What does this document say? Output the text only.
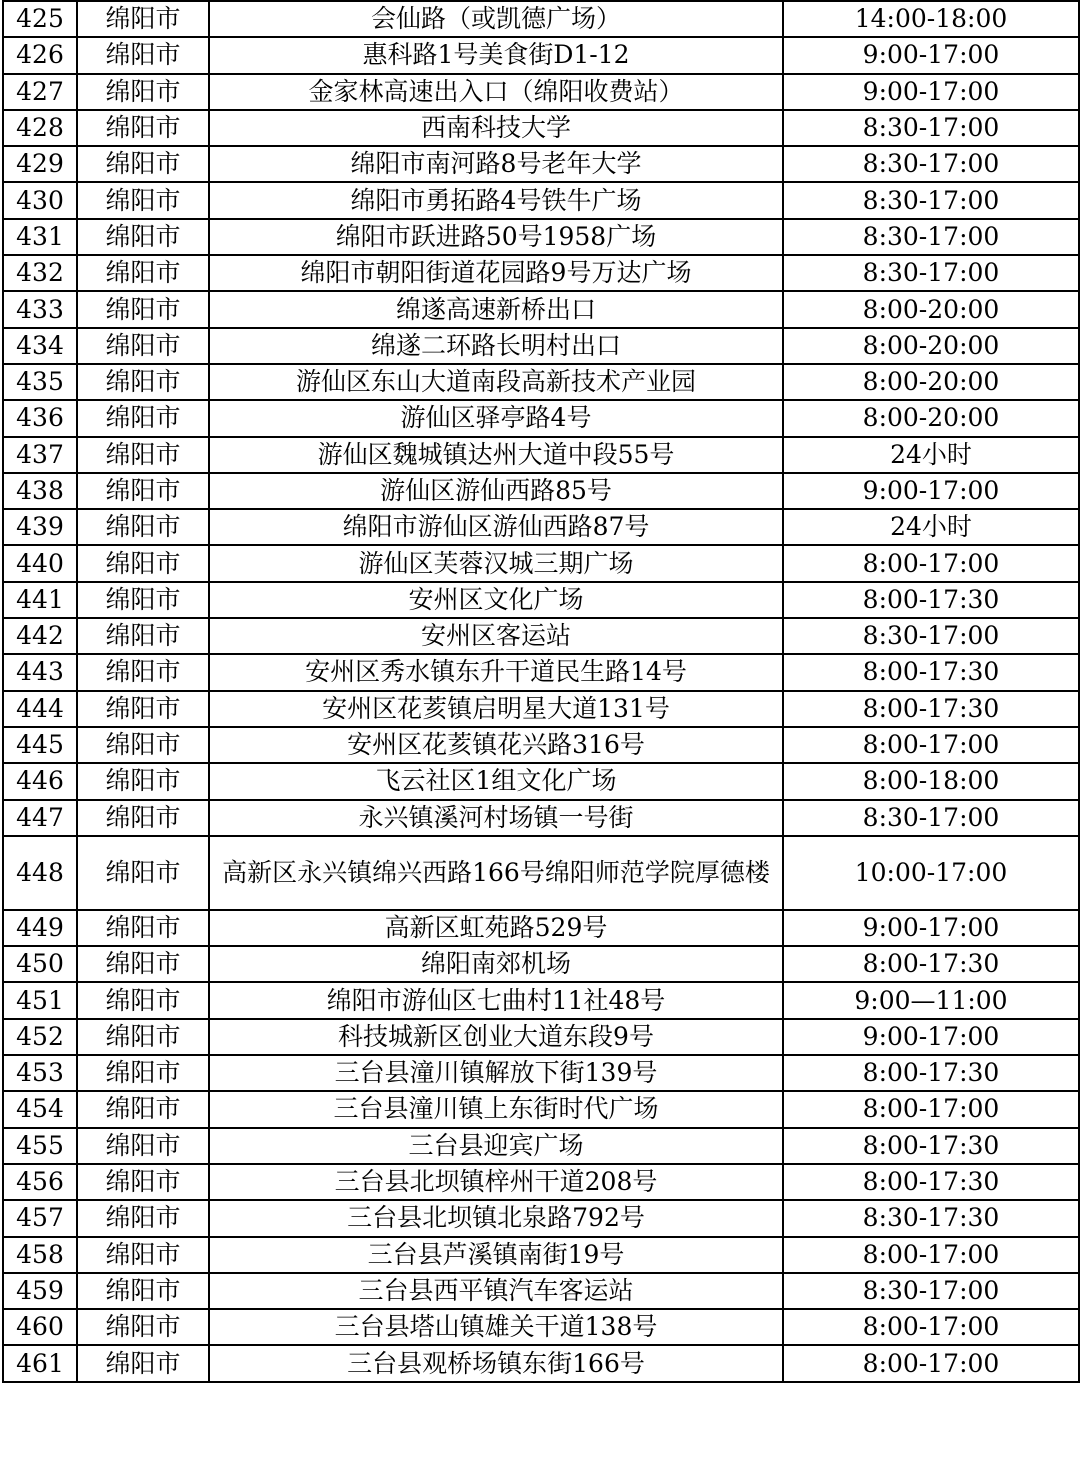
425	绵阳市	会仙路（或凯德广场）	14:00-18:00
426	绵阳市	惠科路1号美食街D1-12	9:00-17:00
427	绵阳市	金家林高速出入口（绵阳收费站）	9:00-17:00
428	绵阳市	西南科技大学	8:30-17:00
429	绵阳市	绵阳市南河路8号老年大学	8:30-17:00
430	绵阳市	绵阳市勇拓路4号铁牛广场	8:30-17:00
431	绵阳市	绵阳市跃进路50号1958广场	8:30-17:00
432	绵阳市	绵阳市朝阳街道花园路9号万达广场	8:30-17:00
433	绵阳市	绵遂高速新桥出口	8:00-20:00
434	绵阳市	绵遂二环路长明村出口	8:00-20:00
435	绵阳市	游仙区东山大道南段高新技术产业园	8:00-20:00
436	绵阳市	游仙区驿亭路4号	8:00-20:00
437	绵阳市	游仙区魏城镇达州大道中段55号	24小时
438	绵阳市	游仙区游仙西路85号	9:00-17:00
439	绵阳市	绵阳市游仙区游仙西路87号	24小时
440	绵阳市	游仙区芙蓉汉城三期广场	8:00-17:00
441	绵阳市	安州区文化广场	8:00-17:30
442	绵阳市	安州区客运站	8:30-17:00
443	绵阳市	安州区秀水镇东升干道民生路14号	8:00-17:30
444	绵阳市	安州区花荄镇启明星大道131号	8:00-17:30
445	绵阳市	安州区花荄镇花兴路316号	8:00-17:00
446	绵阳市	飞云社区1组文化广场	8:00-18:00
447	绵阳市	永兴镇溪河村场镇一号街	8:30-17:00
448	绵阳市	高新区永兴镇绵兴西路166号绵阳师范学院厚德楼	10:00-17:00
449	绵阳市	高新区虹苑路529号	9:00-17:00
450	绵阳市	绵阳南郊机场	8:00-17:30
451	绵阳市	绵阳市游仙区七曲村11社48号	9:00—11:00
452	绵阳市	科技城新区创业大道东段9号	9:00-17:00
453	绵阳市	三台县潼川镇解放下街139号	8:00-17:30
454	绵阳市	三台县潼川镇上东街时代广场	8:00-17:00
455	绵阳市	三台县迎宾广场	8:00-17:30
456	绵阳市	三台县北坝镇梓州干道208号	8:00-17:30
457	绵阳市	三台县北坝镇北泉路792号	8:30-17:30
458	绵阳市	三台县芦溪镇南街19号	8:00-17:00
459	绵阳市	三台县西平镇汽车客运站	8:30-17:00
460	绵阳市	三台县塔山镇雄关干道138号	8:00-17:00
461	绵阳市	三台县观桥场镇东街166号	8:00-17:00
